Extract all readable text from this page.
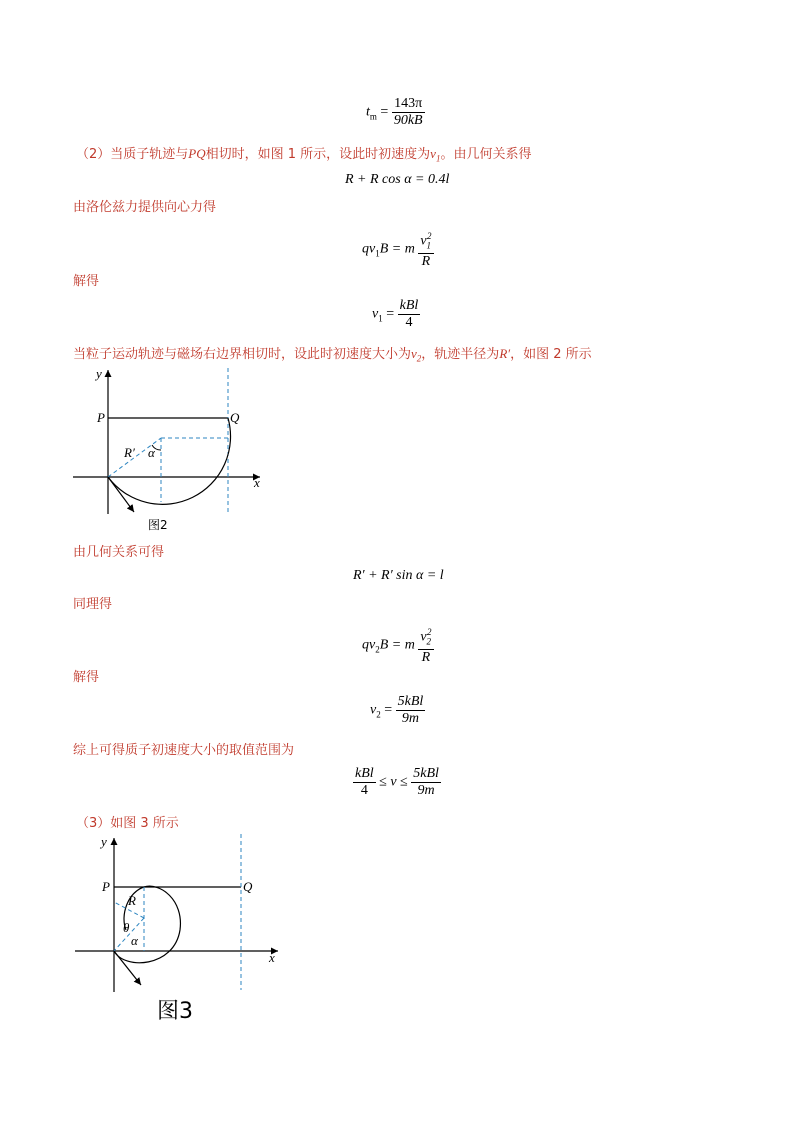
$t_m = \frac{143\pi}{90kB}$
（2）当质子轨迹与PQ相切时，如图 1 所示，设此时初速度为$v_1$。由几何关系得
R + R cos α = 0.4l
由洛伦兹力提供向心力得
$qv_1B = m \frac{v_1^2}{R}$
解得
$v_1 = \frac{\text{kBl}}{4}$
当粒子运动轨迹与磁场右边界相切时，设此时初速度大小为$v_2$，轨迹半径为R′，如图 2 所示
y
x
P	Q
R′ α
图2
由几何关系可得
R′ + R′ sin α = l
同理得
$qv_2B = m \frac{v_2^2}{R}$
解得
$v_2 = \frac{\text{5kBl}}{9m}$
综上可得质子初速度大小的取值范围为
$\frac{\text{kBl}}{4} \le v \le \frac{\text{5kBl}}{9m}$
（3）如图 3 所示
y
x
P	Q
R
θ
α
图3
